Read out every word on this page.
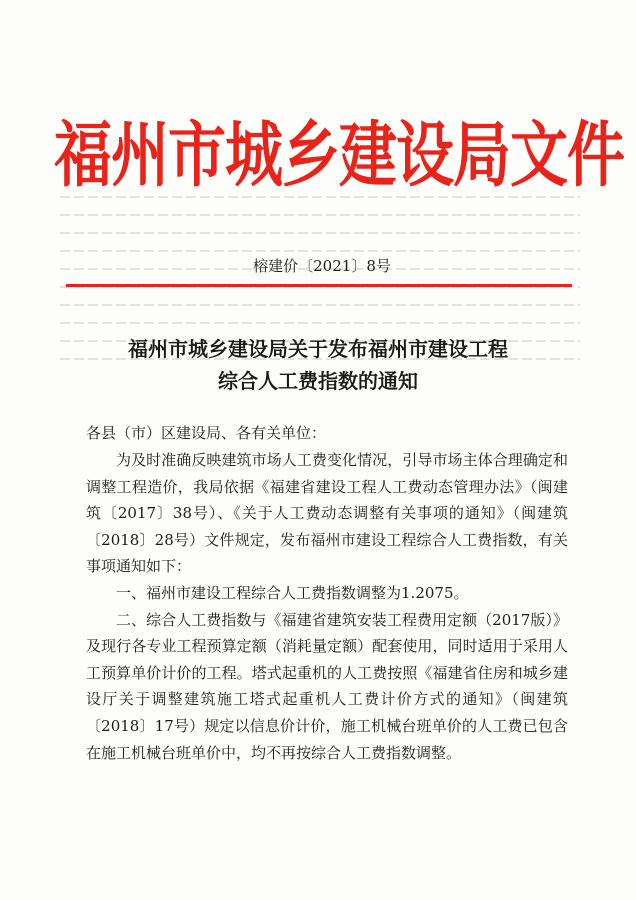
福州市城乡建设局文件
榕建价〔2021〕8号
福州市城乡建设局关于发布福州市建设工程
综合人工费指数的通知
各县（市）区建设局、各有关单位：

为及时准确反映建筑市场人工费变化情况，引导市场主体合理确定和调整工程造价，我局依据《福建省建设工程人工费动态管理办法》（闽建筑〔2017〕38号）、《关于人工费动态调整有关事项的通知》（闽建筑〔2018〕28号）文件规定，发布福州市建设工程综合人工费指数，有关事项通知如下：

一、福州市建设工程综合人工费指数调整为1.2075。

二、综合人工费指数与《福建省建筑安装工程费用定额（2017版）》及现行各专业工程预算定额（消耗量定额）配套使用，同时适用于采用人工预算单价计价的工程。塔式起重机的人工费按照《福建省住房和城乡建设厅关于调整建筑施工塔式起重机人工费计价方式的通知》（闽建筑〔2018〕17号）规定以信息价计价，施工机械台班单价的人工费已包含在施工机械台班单价中，均不再按综合人工费指数调整。
